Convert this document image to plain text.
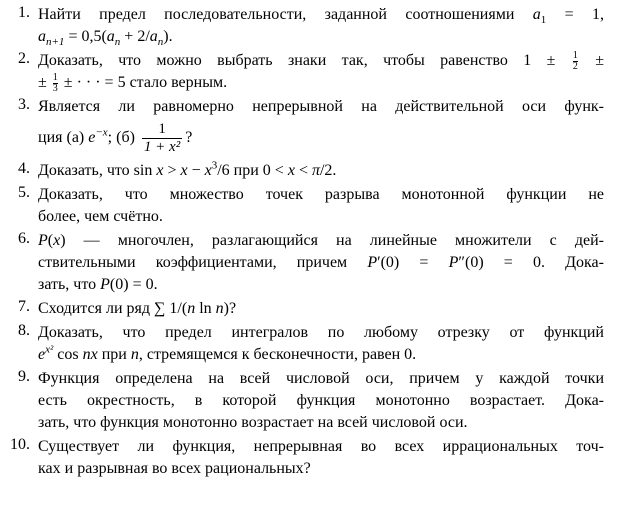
1. Найти предел последовательности, заданной соотношениями $a_1 = 1$,
$a_{n+1} = 0,5(a_n + 2/a_n)$.
2. Доказать, что можно выбрать знаки так, чтобы равенство $1 \pm \frac{1}{2}$ ±
± $\frac{1}{3}$ ± · · · = 5 стало верным.
3. Является ли равномерно непрерывной на действительной оси функ-
ция (а) $e^{-x}$; $(б) \frac{1}{\text{1 + x²}}$ ?
4. Доказать, что $\sin x > x - x^3/6$ при 0 < x < π/2.
5. Доказать, что множество точек разрыва монотонной функции не
более, чем счётно.
6. P(x) — многочлен, разлагающийся на линейные множители с дей-
ствительными коэффициентами, причем P′(0) = P″(0) = 0. Дока-
зать, что P(0) = 0.
7. Сходится ли ряд ∑ 1/(n ln n)?
8. Доказать, что предел интегралов по любому отрезку от функций
$e^{x^2}$ cos nx при n, стремящемся к бесконечности, равен 0.
9. Функция определена на всей числовой оси, причем у каждой точки
есть окрестность, в которой функция монотонно возрастает. Дока-
зать, что функция монотонно возрастает на всей числовой оси.
10. Существует ли функция, непрерывная во всех иррациональных точ-
ках и разрывная во всех рациональных?
